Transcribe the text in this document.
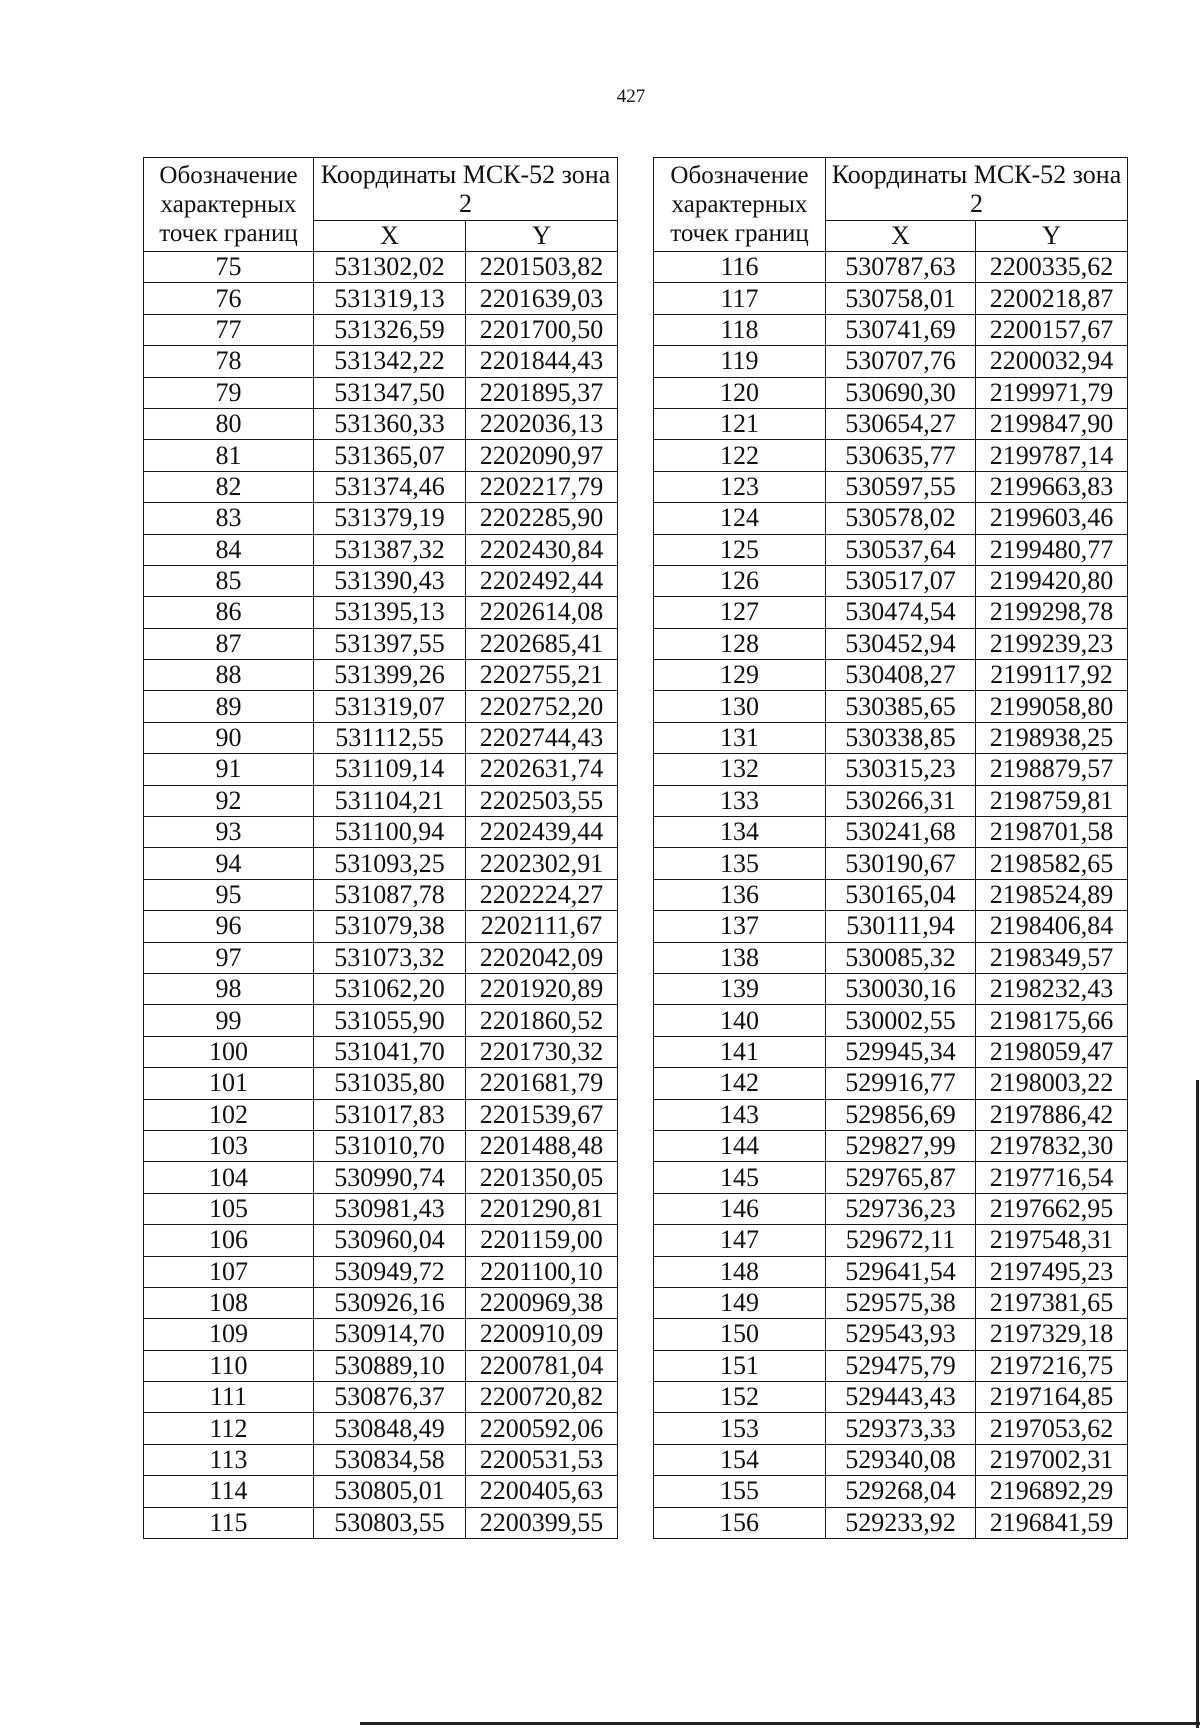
427
Обозначение характерных точек границ	Координаты МСК-52 зона 2	
	X	Y
75	531302,02	2201503,82
76	531319,13	2201639,03
77	531326,59	2201700,50
78	531342,22	2201844,43
79	531347,50	2201895,37
80	531360,33	2202036,13
81	531365,07	2202090,97
82	531374,46	2202217,79
83	531379,19	2202285,90
84	531387,32	2202430,84
85	531390,43	2202492,44
86	531395,13	2202614,08
87	531397,55	2202685,41
88	531399,26	2202755,21
89	531319,07	2202752,20
90	531112,55	2202744,43
91	531109,14	2202631,74
92	531104,21	2202503,55
93	531100,94	2202439,44
94	531093,25	2202302,91
95	531087,78	2202224,27
96	531079,38	2202111,67
97	531073,32	2202042,09
98	531062,20	2201920,89
99	531055,90	2201860,52
100	531041,70	2201730,32
101	531035,80	2201681,79
102	531017,83	2201539,67
103	531010,70	2201488,48
104	530990,74	2201350,05
105	530981,43	2201290,81
106	530960,04	2201159,00
107	530949,72	2201100,10
108	530926,16	2200969,38
109	530914,70	2200910,09
110	530889,10	2200781,04
111	530876,37	2200720,82
112	530848,49	2200592,06
113	530834,58	2200531,53
114	530805,01	2200405,63
115	530803,55	2200399,55
Обозначение характерных точек границ	Координаты МСК-52 зона 2	
	X	Y
116	530787,63	2200335,62
117	530758,01	2200218,87
118	530741,69	2200157,67
119	530707,76	2200032,94
120	530690,30	2199971,79
121	530654,27	2199847,90
122	530635,77	2199787,14
123	530597,55	2199663,83
124	530578,02	2199603,46
125	530537,64	2199480,77
126	530517,07	2199420,80
127	530474,54	2199298,78
128	530452,94	2199239,23
129	530408,27	2199117,92
130	530385,65	2199058,80
131	530338,85	2198938,25
132	530315,23	2198879,57
133	530266,31	2198759,81
134	530241,68	2198701,58
135	530190,67	2198582,65
136	530165,04	2198524,89
137	530111,94	2198406,84
138	530085,32	2198349,57
139	530030,16	2198232,43
140	530002,55	2198175,66
141	529945,34	2198059,47
142	529916,77	2198003,22
143	529856,69	2197886,42
144	529827,99	2197832,30
145	529765,87	2197716,54
146	529736,23	2197662,95
147	529672,11	2197548,31
148	529641,54	2197495,23
149	529575,38	2197381,65
150	529543,93	2197329,18
151	529475,79	2197216,75
152	529443,43	2197164,85
153	529373,33	2197053,62
154	529340,08	2197002,31
155	529268,04	2196892,29
156	529233,92	2196841,59
